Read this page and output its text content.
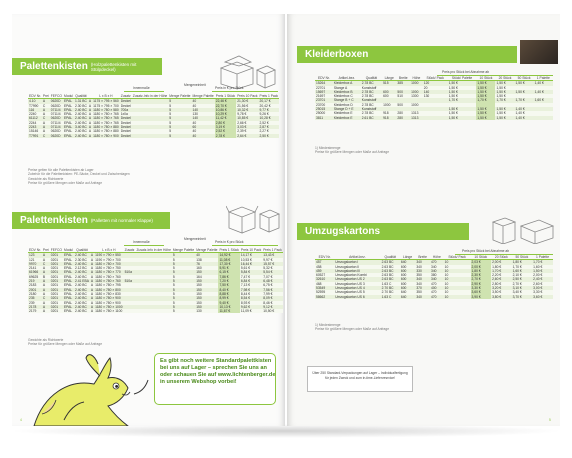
Palettenkisten (Holzpalettenkisten mit Stülpdeckel)
Innenmaße
Mengeneinheit
Preis in € pro Stück
EDV Nr.	Prei	FEFCO	Modul	Qualität		L x B x H	Zusatz	Zusatz-Info in der Höhe	Menge Palette	Menge Palette	Preis 1 Stück	Preis 10 Pack	Preis 1 Pack
4.10	A	0620D	EPAL	1.31 BC	A	1175 × 795 × 560	Deckel		5	40	22,46 €	21,30 €	20,17 €
T7990	C	0620D	EPAL	2.30 BC	A	1175 × 795 × 700	Deckel		5	40	22,70 €	21,56 €	20,42 €
116	A	0711/4	EPAL	2.40 BC	A	1180 × 780 × 580	700a		5	140	10,86 €	10,32 €	9,77 €
2240	A	0711/4	EPAL	2.40 BC	A	1180 × 780 × 765	1x0a		5	130	10,29 €	9,78 €	9,26 €
61112	C	0620D	EPAL	2.40 BC	A	1180 × 780 × 765	Deckel		5	140	11,42 €	10,85 €	10,28 €
2244	A	0711/4	EPAL	2.40 BC	A	1180 × 780 × 765	Deckel		5	40	2,80 €	2,66 €	2,52 €
2243	A	0711/4	EPAL	3.40 BC	A	1180 × 780 × 880	Deckel		5	60	3,19 €	3,03 €	2,87 €
15146	A	0620D	EPAL	2.40 BC	A	1180 × 780 × 880	Deckel		5	40	2,52 €	2,39 €	2,27 €
T7991	C	0620D	EPAL	2.40 BC	A	1180 × 780 × 900	Deckel		5	40	2,78 €	2,64 €	2,50 €
Preise gelten für alle Palettenkisten ab Lager
Zubehör für die Palettenkisten: PE-Säcke, Deckel und Zwischenlagen
Gewichte als Richtwerte
Preise für größere Mengen oder Maße auf Anfrage
Palettenkisten (Palletten mit normaler Klappe)
Innenmaße
Mengeneinheit
Preis in € pro Stück
EDV Nr.	Prei	FEFCO	Modul	Qualität		L x B x H	Zusatz	Zusatz-Info in der Höhe	Menge Palette	Menge Palette	Preis 1 Stück	Preis 10 Pack	Preis 1 Pack
123	A	0201	EPAL	2.40 BC	A	1190 × 790 × 550			5	40	14,92 €	14,17 €	13,43 €
121	A	0201	EPAL	2.30 BC	A	1190 × 790 × 700			5	138	11,08 €	10,53 €	9,97 €
9970	C	0201	EPAL	2.40 BC	A	1180 × 780 × 700			5	76	17,30 €	16,44 €	15,57 €
2141	A	0201	EPAL	2.12 BC	A	1180 × 780 × 750			5	160	5,91 €	5,61 €	5,32 €
61966	A	0201	EPAL	2.40 BC	A	1180 × 780 × 770	510a		5	150	6,15 €	5,84 €	5,54 €
69625	B	0201	EPAL	2.40 BC	A	1180 × 780 × 760			5	164	7,86 €	7,47 €	7,07 €
219	A	0201	EPAL	2.41 EBA	A	1180 × 780 × 760	510a		5	150	7,20 €	6,84 €	6,48 €
2183	A	0201	EPAL	2.40 BC	A	1180 × 780 × 795			5	150	7,50 €	7,13 €	6,75 €
2001	A	0201	EPAL	2.40 BC	A	1180 × 780 × 800			5	150	8,40 €	7,98 €	7,56 €
2180	A	0201	EPAL	2.40 BC	A	1180 × 780 × 830			5	150	8,88 €	8,44 €	7,99 €
235	C	0201	EPAL	2.40 BC	A	1180 × 780 × 900			5	150	8,99 €	8,54 €	8,09 €
239	A	0201	EPAL	2.40 BC	A	1180 × 780 × 900			5	150	9,40 €	8,93 €	8,46 €
2178	A	0201	EPAL	2.40 BC	A	1180 × 780 × 1000			5	150	10,13 €	9,62 €	9,12 €
2179	A	0201	EPAL	2.40 BC	A	1180 × 780 × 1100			5	130	11,67 €	11,09 €	10,50 €
Gewichte als Richtwerte
Preise für größere Mengen oder Maße auf Anfrage
Es gibt noch weitere Standardpalettkisten
bei uns auf Lager – sprechen Sie uns an
oder schauen Sie auf www.lichtenberger.de
in unserem Webshop vorbei!
4
Kleiderboxen
Preis pro Stück bei Abnahme ab
EDV Nr.	Artikel-bez.	Qualität	Länge	Breite	Höhe	Stück/ Pack	Stück/ Palette	10 Stück	20 Stück	50 Stück	1 Palette
15264	Kleiderbox A	2.78 BC	515	385	1000	120	1,50 €	1,50 €	1,50 €	1,50 €	1,40 €
22701	Stange A	Kunststoff				20	1,50 €	1,50 €	1,50 €		
15697	Kleiderbox B	2.78 BC	600	500	1000	140	1,50 €	1,50 €	1,50 €	1,50 €	1,40 €
21697	Kleiderbox C	2.78 BC	600	510	1300	130	1,50 €	1,50 €	1,50 €		
23701	Stange B + C	Kunststoff					1,70 €	1,70 €	1,70 €	1,70 €	1,60 €
23700	Kleiderbox D	2.78 BC	1000	500	1000						
25015	Stange D + E	Kunststoff					1,50 €	1,50 €	1,50 €	1,40 €	
25000	Kleiderbox E	2.78 BC	918	280	1313		1,50 €	1,50 €	1,50 €	1,40 €	
3811	Kleiderbox E	2.61 BC	918	280	1313		1,50 €	1,50 €	1,50 €	1,40 €	
1) Mindestmenge
Preise für größere Mengen oder Maße auf Anfrage
Umzugskartons
Preis pro Stück bei Abnahme ab
EDV Nr.	Artikel-bez.	Qualität	Länge	Breite	Höhe	Stück/ Pack	10 Stück	20 Stück	50 Stück	1 Palette
457	Umzugskarton I	2.63 BC	640	340	470	10	2,03 €	2,00 €	1,80 €	1,70 €
458	Umzugskarton II	2.63 BC	600	340	340	10	2,00 €	1,80 €	1,70 €	1,60 €
459	Umzugskarton III	2.63 BC	600	330	340	10	1,80 €	1,70 €	1,60 €	1,50 €
60527	Umzugskarton Kombi	2.63 BC	600	350	380	10	2,30 €	2,20 €	2,10 €	2,00 €
32610	Umzugskarton US 2	2.63 BC	600	340	340	10	2,70 €	2,60 €	2,50 €	2,40 €
468	Umzugskarton US 3	1.63 C	600	340	470	10	2,90 €	2,80 €	2,70 €	2,60 €
53549	Umzugskarton US 4	2.70 BC	600	370	400	10	3,30 €	3,20 €	3,10 €	3,00 €
52595	Umzugskarton US 5	2.70 BC	640	350	470	10	3,60 €	3,50 €	3,40 €	3,30 €
58662	Umzugskarton US 6	1.63 C	640	340	470	10	3,90 €	3,80 €	3,70 €	3,60 €
1) Mindestmenge
Preise für größere Mengen oder Maße auf Anfrage
Über 250 Standard-Verpackungen auf Lager – Individualfertigung
für jeden Zweck und zum in-time-Liefervesrvice!
5
